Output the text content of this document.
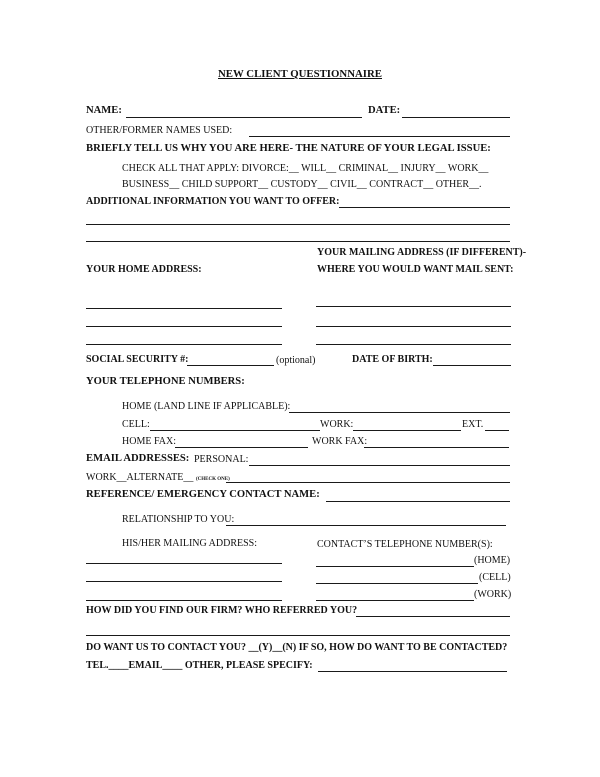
NEW CLIENT QUESTIONNAIRE
NAME:	DATE:
OTHER/FORMER NAMES USED:
BRIEFLY TELL US WHY YOU ARE HERE- THE NATURE OF YOUR LEGAL ISSUE:
CHECK ALL THAT APPLY: DIVORCE:__ WILL__ CRIMINAL__ INJURY__ WORK__
BUSINESS__ CHILD SUPPORT__ CUSTODY__ CIVIL__ CONTRACT__ OTHER__.
ADDITIONAL INFORMATION YOU WANT TO OFFER:
YOUR MAILING ADDRESS (IF DIFFERENT)-
WHERE YOU WOULD WANT MAIL SENT:
YOUR HOME ADDRESS:
SOCIAL SECURITY #:	(optional)	DATE OF BIRTH:
YOUR TELEPHONE NUMBERS:
HOME (LAND LINE IF APPLICABLE):
CELL:	WORK:	EXT.
HOME FAX:	WORK FAX:
EMAIL ADDRESSES: PERSONAL:
WORK__ALTERNATE__ (CHECK ONE)
REFERENCE/ EMERGENCY CONTACT NAME:
RELATIONSHIP TO YOU:
HIS/HER MAILING ADDRESS:	CONTACT’S TELEPHONE NUMBER(S):
(HOME)
(CELL)
(WORK)
HOW DID YOU FIND OUR FIRM? WHO REFERRED YOU?
DO WANT US TO CONTACT YOU? __(Y)__(N) IF SO, HOW DO WANT TO BE CONTACTED?
TEL.____EMAIL____ OTHER, PLEASE SPECIFY:
